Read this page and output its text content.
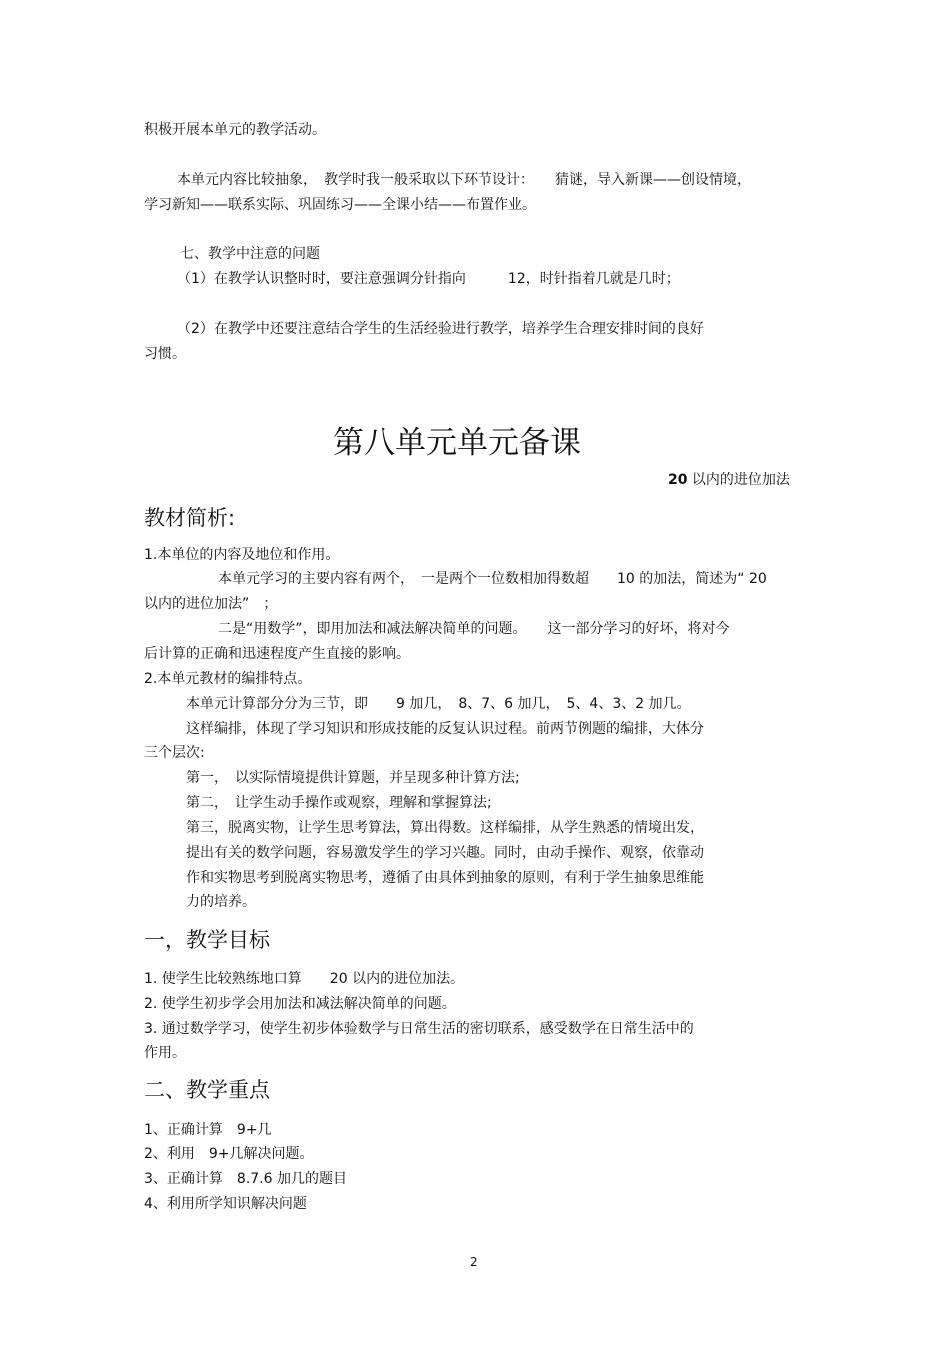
积极开展本单元的教学活动。
本单元内容比较抽象，　教学时我一般采取以下环节设计：　　猜谜，导入新课——创设情境，
学习新知——联系实际、巩固练习——全课小结——布置作业。
七、教学中注意的问题
（1）在教学认识整时时，要注意强调分针指向　　　12，时针指着几就是几时；
（2）在教学中还要注意结合学生的生活经验进行教学，培养学生合理安排时间的良好
习惯。
第八单元单元备课
20 以内的进位加法
教材简析:
1.本单位的内容及地位和作用。
本单元学习的主要内容有两个，　一是两个一位数相加得数超　　10 的加法，简述为“ 20
以内的进位加法”　；
二是“用数学”，即用加法和减法解决简单的问题。　　这一部分学习的好坏，将对今
后计算的正确和迅速程度产生直接的影响。
2.本单元教材的编排特点。
本单元计算部分分为三节，即　　9 加几，　8、7、6 加几，　5、4、3、2 加几。
这样编排，体现了学习知识和形成技能的反复认识过程。前两节例题的编排，大体分
三个层次:
第一，　以实际情境提供计算题，并呈现多种计算方法;
第二，　让学生动手操作或观察，理解和掌握算法;
第三，脱离实物，让学生思考算法，算出得数。这样编排，从学生熟悉的情境出发，
提出有关的数学问题，容易激发学生的学习兴趣。同时，由动手操作、观察，依靠动
作和实物思考到脱离实物思考，遵循了由具体到抽象的原则，有利于学生抽象思维能
力的培养。
一，教学目标
1. 使学生比较熟练地口算　　20 以内的进位加法。
2. 使学生初步学会用加法和减法解决简单的问题。
3. 通过数学学习，使学生初步体验数学与日常生活的密切联系，感受数学在日常生活中的
作用。
二、教学重点
1、正确计算　9+几
2、利用　9+几解决问题。
3、正确计算　8.7.6 加几的题目
4、利用所学知识解决问题
2
